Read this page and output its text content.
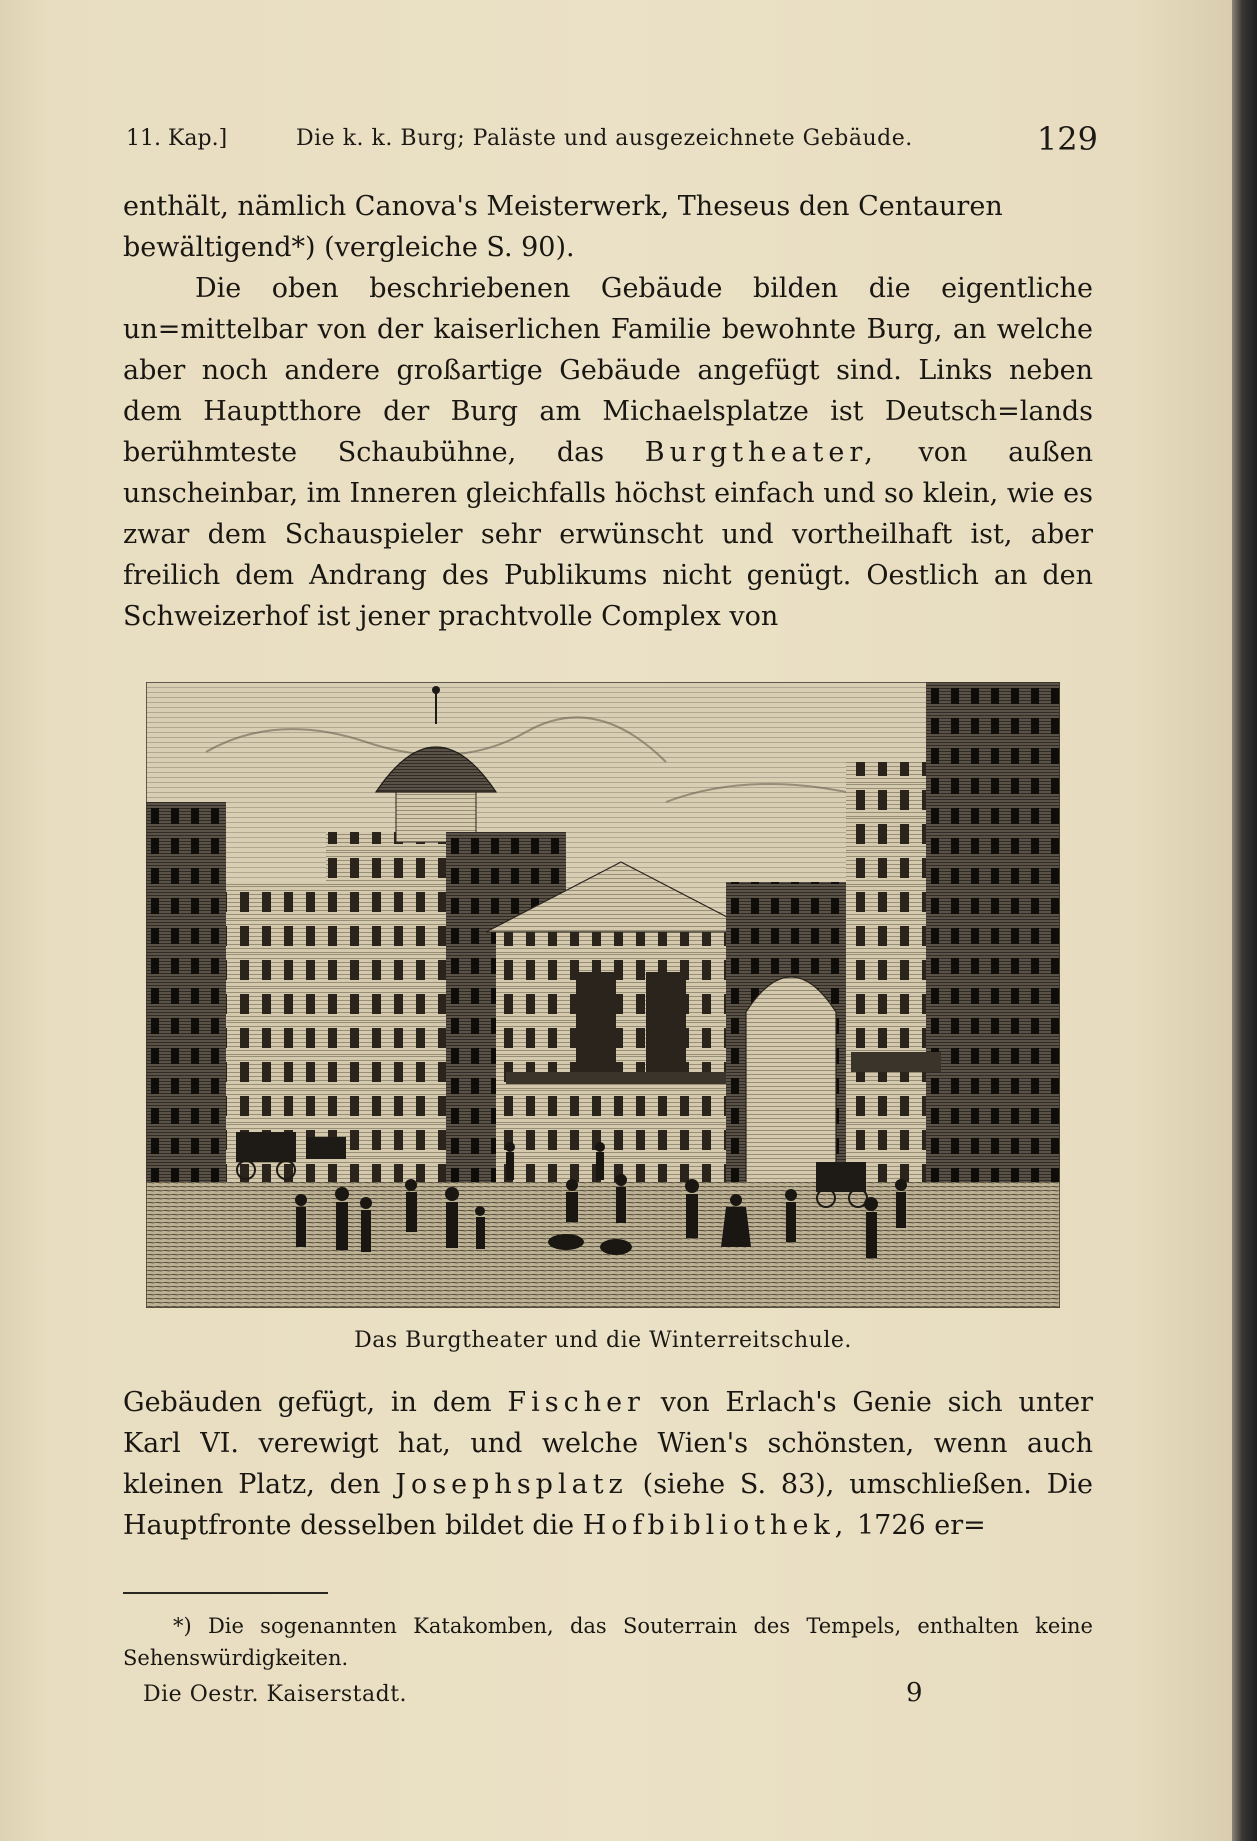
11. Kap.]	Die k. k. Burg; Paläste und ausgezeichnete Gebäude.	129

enthält, nämlich Canova's Meisterwerk, Theseus den Centauren
bewältigend*) (vergleiche S. 90).

Die oben beschriebenen Gebäude bilden die eigentliche un=mittelbar von der kaiserlichen Familie bewohnte Burg, an welche aber noch andere großartige Gebäude angefügt sind. Links neben dem Hauptthore der Burg am Michaelsplatze ist Deutsch=lands berühmteste Schaubühne, das Burgtheater, von außen unscheinbar, im Inneren gleichfalls höchst einfach und so klein, wie es zwar dem Schauspieler sehr erwünscht und vortheilhaft ist, aber freilich dem Andrang des Publikums nicht genügt. Oestlich an den Schweizerhof ist jener prachtvolle Complex von

Das Burgtheater und die Winterreitschule.

Gebäuden gefügt, in dem Fischer von Erlach's Genie sich unter Karl VI. verewigt hat, und welche Wien's schönsten, wenn auch kleinen Platz, den Josephsplatz (siehe S. 83), umschließen. Die Hauptfronte desselben bildet die Hofbibliothek, 1726 er=

*) Die sogenannten Katakomben, das Souterrain des Tempels, enthalten keine Sehenswürdigkeiten.
Die Oestr. Kaiserstadt.	9
